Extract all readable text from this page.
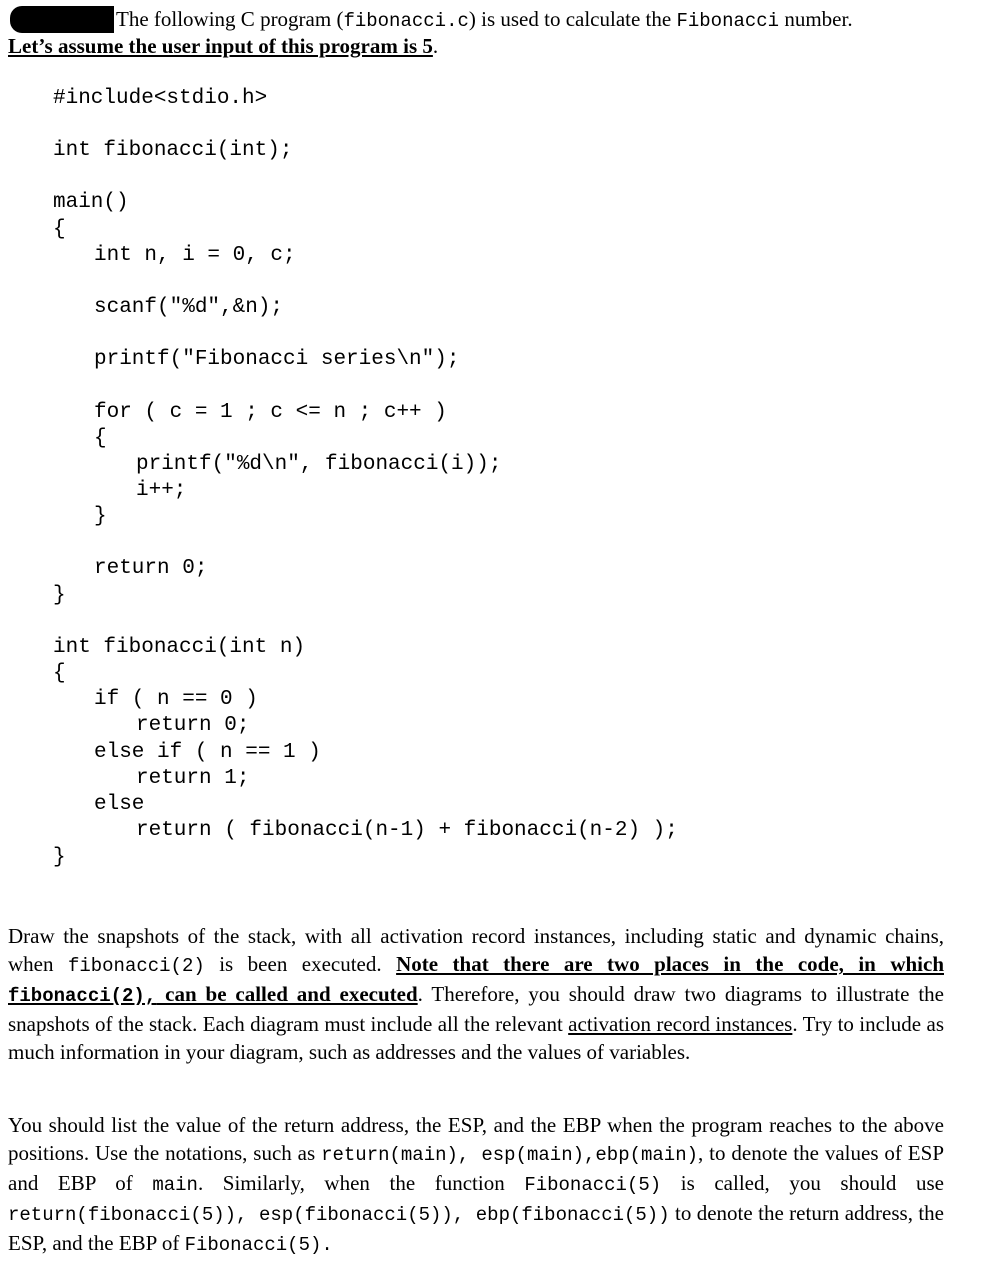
The following C program (fibonacci.c) is used to calculate the Fibonacci number.
Let’s assume the user input of this program is 5.
#include<stdio.h>
int fibonacci(int);
main()
{
int n, i = 0, c;
scanf("%d",&n);
printf("Fibonacci series\n");
for ( c = 1 ; c <= n ; c++ )
{
printf("%d\n", fibonacci(i));
i++;
}
return 0;
}
int fibonacci(int n)
{
if ( n == 0 )
return 0;
else if ( n == 1 )
return 1;
else
return ( fibonacci(n-1) + fibonacci(n-2) );
}
Draw the snapshots of the stack, with all activation record instances, including static and dynamic chains, when fibonacci(2) is been executed. Note that there are two places in the code, in which fibonacci(2), can be called and executed. Therefore, you should draw two diagrams to illustrate the snapshots of the stack. Each diagram must include all the relevant activation record instances. Try to include as much information in your diagram, such as addresses and the values of variables.
You should list the value of the return address, the ESP, and the EBP when the program reaches to the above positions. Use the notations, such as return(main), esp(main),ebp(main), to denote the values of ESP and EBP of main. Similarly, when the function Fibonacci(5) is called, you should use return(fibonacci(5)), esp(fibonacci(5)), ebp(fibonacci(5)) to denote the return address, the ESP, and the EBP of Fibonacci(5).
